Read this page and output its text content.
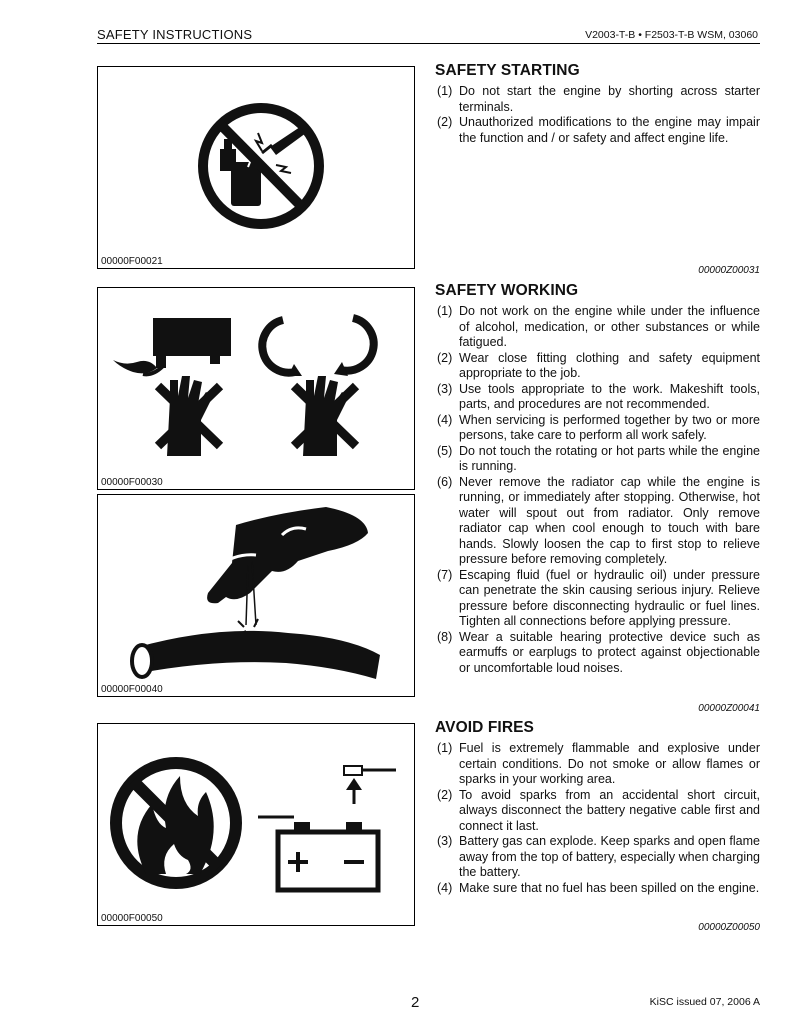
SAFETY INSTRUCTIONS	V2003-T-B • F2503-T-B WSM, 03060
00000F00021
00000F00030
00000F00040
00000F00050
SAFETY STARTING
(1) Do not start the engine by shorting across starter terminals.
(2) Unauthorized modifications to the engine may impair the function and / or safety and affect engine life.
00000Z00031
SAFETY WORKING
(1) Do not work on the engine while under the influence of alcohol, medication, or other substances or while fatigued.
(2) Wear close fitting clothing and safety equipment appropriate to the job.
(3) Use tools appropriate to the work. Makeshift tools, parts, and procedures are not recommended.
(4) When servicing is performed together by two or more persons, take care to perform all work safely.
(5) Do not touch the rotating or hot parts while the engine is running.
(6) Never remove the radiator cap while the engine is running, or immediately after stopping. Otherwise, hot water will spout out from radiator. Only remove radiator cap when cool enough to touch with bare hands. Slowly loosen the cap to first stop to relieve pressure before removing completely.
(7) Escaping fluid (fuel or hydraulic oil) under pressure can penetrate the skin causing serious injury. Relieve pressure before disconnecting hydraulic or fuel lines. Tighten all connections before applying pressure.
(8) Wear a suitable hearing protective device such as earmuffs or earplugs to protect against objectionable or uncomfortable loud noises.
00000Z00041
AVOID FIRES
(1) Fuel is extremely flammable and explosive under certain conditions. Do not smoke or allow flames or sparks in your working area.
(2) To avoid sparks from an accidental short circuit, always disconnect the battery negative cable first and connect it last.
(3) Battery gas can explode. Keep sparks and open flame away from the top of battery, especially when charging the battery.
(4) Make sure that no fuel has been spilled on the engine.
00000Z00050
2	KiSC issued 07, 2006 A
